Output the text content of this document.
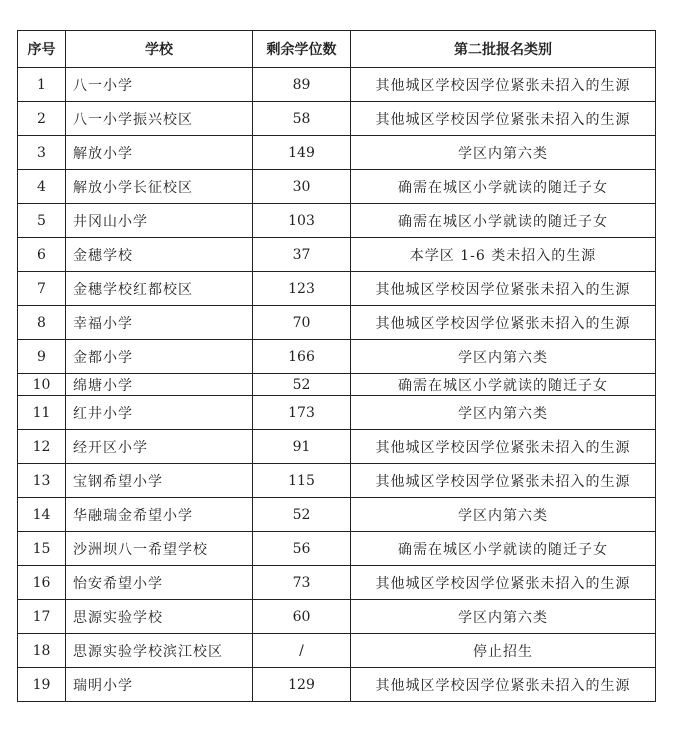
序号	学校	剩余学位数	第二批报名类别
1	八一小学	89	其他城区学校因学位紧张未招入的生源
2	八一小学振兴校区	58	其他城区学校因学位紧张未招入的生源
3	解放小学	149	学区内第六类
4	解放小学长征校区	30	确需在城区小学就读的随迁子女
5	井冈山小学	103	确需在城区小学就读的随迁子女
6	金穗学校	37	本学区 1-6 类未招入的生源
7	金穗学校红都校区	123	其他城区学校因学位紧张未招入的生源
8	幸福小学	70	其他城区学校因学位紧张未招入的生源
9	金都小学	166	学区内第六类
10	绵塘小学	52	确需在城区小学就读的随迁子女
11	红井小学	173	学区内第六类
12	经开区小学	91	其他城区学校因学位紧张未招入的生源
13	宝钢希望小学	115	其他城区学校因学位紧张未招入的生源
14	华融瑞金希望小学	52	学区内第六类
15	沙洲坝八一希望学校	56	确需在城区小学就读的随迁子女
16	怡安希望小学	73	其他城区学校因学位紧张未招入的生源
17	思源实验学校	60	学区内第六类
18	思源实验学校滨江校区	/	停止招生
19	瑞明小学	129	其他城区学校因学位紧张未招入的生源
